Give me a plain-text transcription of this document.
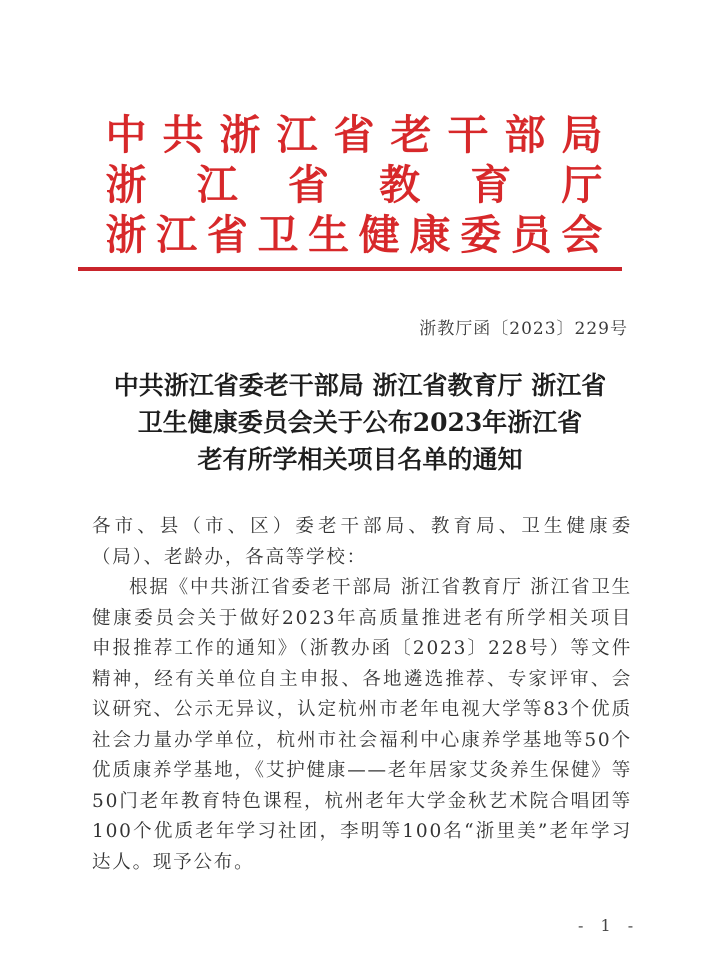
中 共 浙 江 省 老 干 部 局
浙 江 省 教 育 厅
浙 江 省 卫 生 健 康 委 员 会
浙教厅函〔2023〕229号
中共浙江省委老干部局 浙江省教育厅 浙江省
卫生健康委员会关于公布2023年浙江省
老有所学相关项目名单的通知

各市、县（市、区）委老干部局、教育局、卫生健康委（局）、老龄办，各高等学校：

根据《中共浙江省委老干部局 浙江省教育厅 浙江省卫生健康委员会关于做好2023年高质量推进老有所学相关项目申报推荐工作的通知》（浙教办函〔2023〕228号）等文件精神，经有关单位自主申报、各地遴选推荐、专家评审、会议研究、公示无异议，认定杭州市老年电视大学等83个优质社会力量办学单位，杭州市社会福利中心康养学基地等50个优质康养学基地，《艾护健康——老年居家艾灸养生保健》等50门老年教育特色课程，杭州老年大学金秋艺术院合唱团等100个优质老年学习社团，李明等100名“浙里美”老年学习达人。现予公布。

- 1 -
